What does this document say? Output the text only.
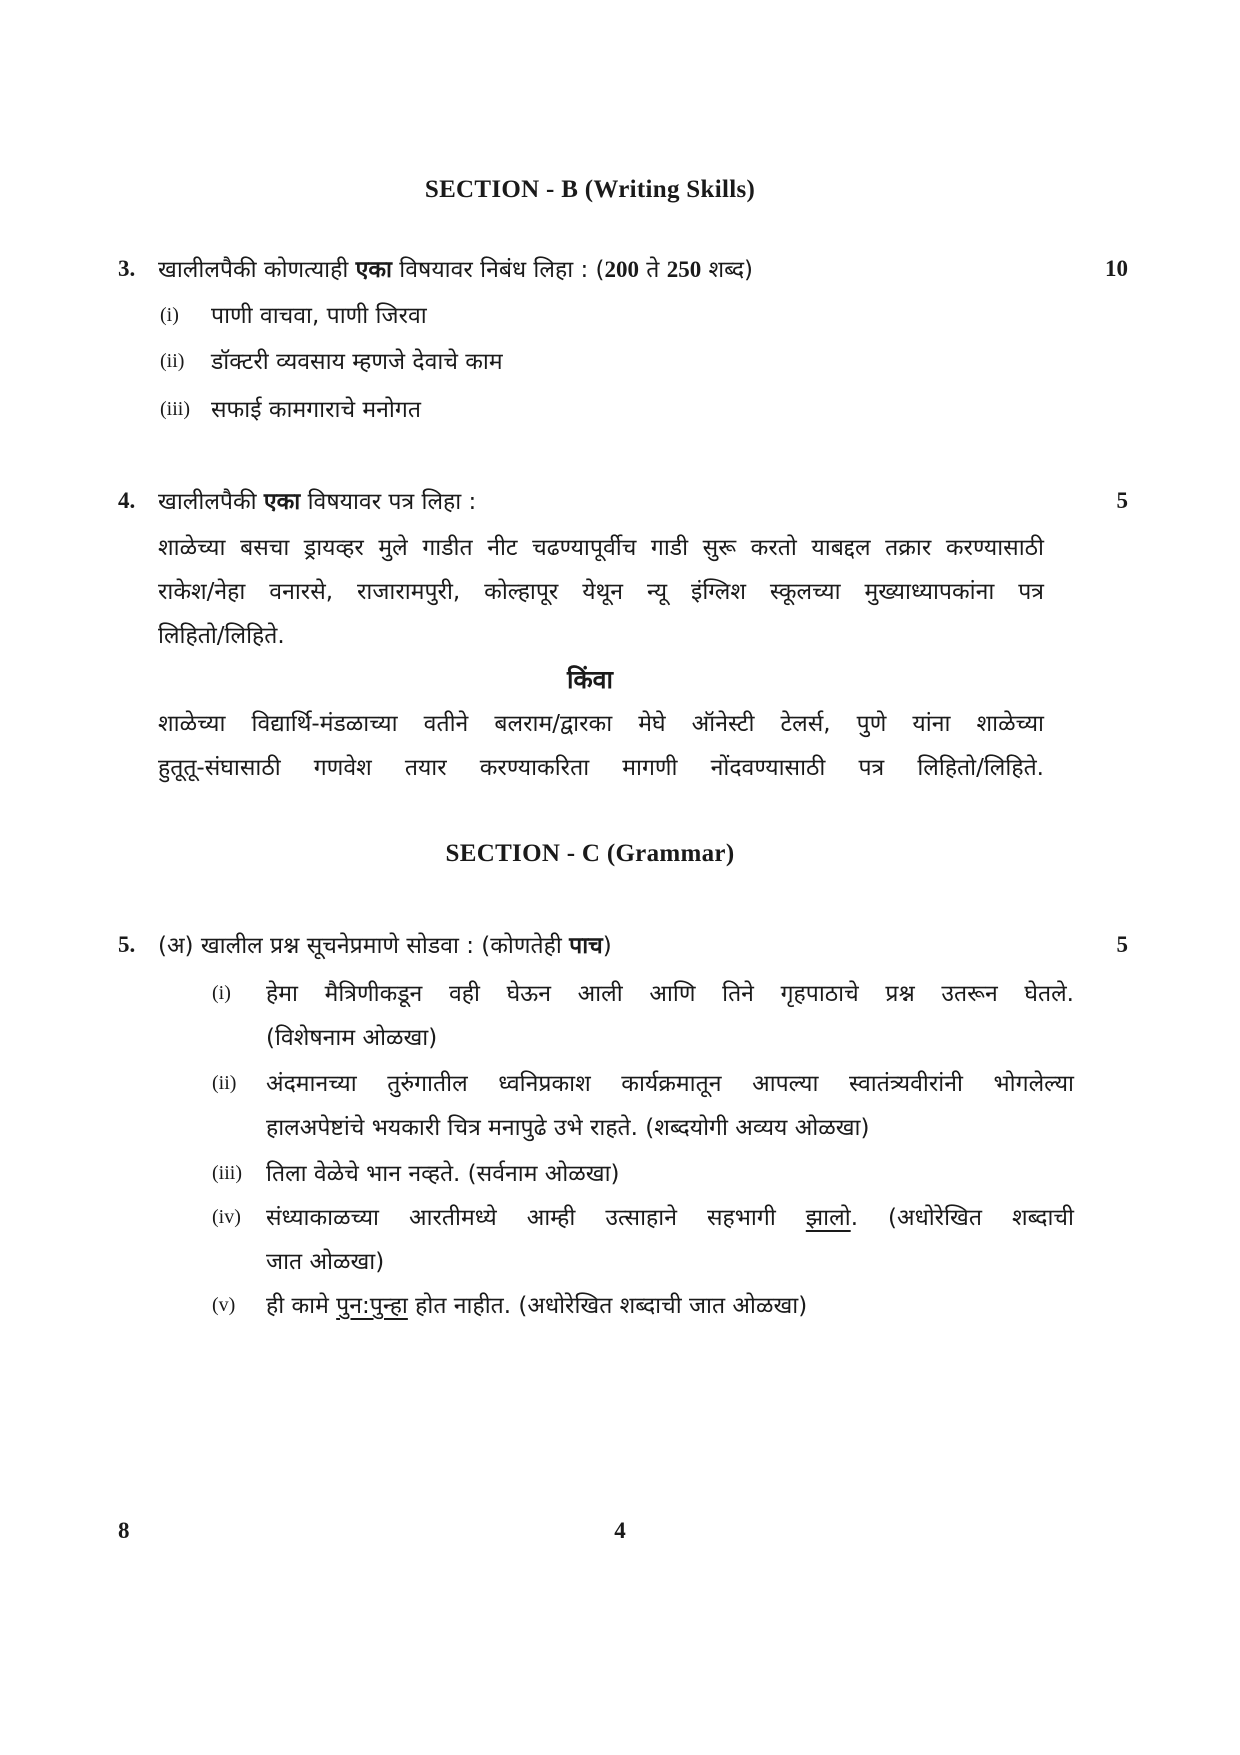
SECTION - B (Writing Skills)
3. खालीलपैकी कोणत्याही एका विषयावर निबंध लिहा : (200 ते 250 शब्द)	10
(i) पाणी वाचवा, पाणी जिरवा
(ii) डॉक्टरी व्यवसाय म्हणजे देवाचे काम
(iii) सफाई कामगाराचे मनोगत
4. खालीलपैकी एका विषयावर पत्र लिहा :	5
शाळेच्या बसचा ड्रायव्हर मुले गाडीत नीट चढण्यापूर्वीच गाडी सुरू करतो याबद्दल तक्रार करण्यासाठी
राकेश/नेहा वनारसे, राजारामपुरी, कोल्हापूर येथून न्यू इंग्लिश स्कूलच्या मुख्याध्यापकांना पत्र
लिहितो/लिहिते.
किंवा
शाळेच्या विद्यार्थि-मंडळाच्या वतीने बलराम/द्वारका मेघे ऑनेस्टी टेलर्स, पुणे यांना शाळेच्या
हुतूतू-संघासाठी गणवेश तयार करण्याकरिता मागणी नोंदवण्यासाठी पत्र लिहितो/लिहिते.
SECTION - C (Grammar)
5. (अ) खालील प्रश्न सूचनेप्रमाणे सोडवा : (कोणतेही पाच)	5
(i) हेमा मैत्रिणीकडून वही घेऊन आली आणि तिने गृहपाठाचे प्रश्न उतरून घेतले.
(विशेषनाम ओळखा)
(ii) अंदमानच्या तुरुंगातील ध्वनिप्रकाश कार्यक्रमातून आपल्या स्वातंत्र्यवीरांनी भोगलेल्या
हालअपेष्टांचे भयकारी चित्र मनापुढे उभे राहते. (शब्दयोगी अव्यय ओळखा)
(iii) तिला वेळेचे भान नव्हते. (सर्वनाम ओळखा)
(iv) संध्याकाळच्या आरतीमध्ये आम्ही उत्साहाने सहभागी झालो. (अधोरेखित शब्दाची
जात ओळखा)
(v) ही कामे पुन:पुन्हा होत नाहीत. (अधोरेखित शब्दाची जात ओळखा)
8	4
